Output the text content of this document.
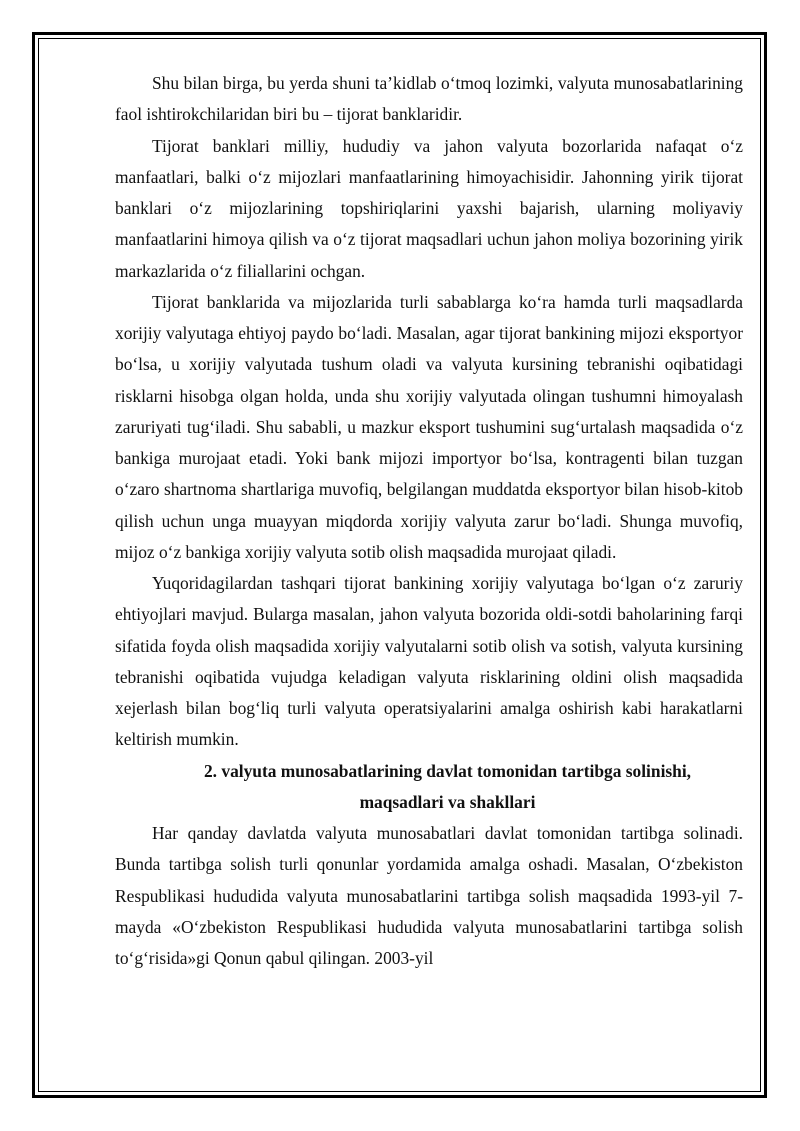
Shu bilan birga, bu yerda shuni ta’kidlab o‘tmoq lozimki, valyuta munosabatlarining faol ishtirokchilaridan biri bu – tijorat banklaridir.

Tijorat banklari milliy, hududiy va jahon valyuta bozorlarida nafaqat o‘z manfaatlari, balki o‘z mijozlari manfaatlarining himoyachisidir. Jahonning yirik tijorat banklari o‘z mijozlarining topshiriqlarini yaxshi bajarish, ularning moliyaviy manfaatlarini himoya qilish va o‘z tijorat maqsadlari uchun jahon moliya bozorining yirik markazlarida o‘z filiallarini ochgan.

Tijorat banklarida va mijozlarida turli sabablarga ko‘ra hamda turli maqsadlarda xorijiy valyutaga ehtiyoj paydo bo‘ladi. Masalan, agar tijorat bankining mijozi eksportyor bo‘lsa, u xorijiy valyutada tushum oladi va valyuta kursining tebranishi oqibatidagi risklarni hisobga olgan holda, unda shu xorijiy valyutada olingan tushumni himoyalash zaruriyati tug‘iladi. Shu sababli, u mazkur eksport tushumini sug‘urtalash maqsadida o‘z bankiga murojaat etadi. Yoki bank mijozi importyor bo‘lsa, kontragenti bilan tuzgan o‘zaro shartnoma shartlariga muvofiq, belgilangan muddatda eksportyor bilan hisob-kitob qilish uchun unga muayyan miqdorda xorijiy valyuta zarur bo‘ladi. Shunga muvofiq, mijoz o‘z bankiga xorijiy valyuta sotib olish maqsadida murojaat qiladi.

Yuqoridagilardan tashqari tijorat bankining xorijiy valyutaga bo‘lgan o‘z zaruriy ehtiyojlari mavjud. Bularga masalan, jahon valyuta bozorida oldi-sotdi baholarining farqi sifatida foyda olish maqsadida xorijiy valyutalarni sotib olish va sotish, valyuta kursining tebranishi oqibatida vujudga keladigan valyuta risklarining oldini olish maqsadida xejerlash bilan bog‘liq turli valyuta operatsiyalarini amalga oshirish kabi harakatlarni keltirish mumkin.

2. valyuta munosabatlarining davlat tomonidan tartibga solinishi,
maqsadlari va shakllari

Har qanday davlatda valyuta munosabatlari davlat tomonidan tartibga solinadi. Bunda tartibga solish turli qonunlar yordamida amalga oshadi. Masalan, O‘zbekiston Respublikasi hududida valyuta munosabatlarini tartibga solish maqsadida 1993-yil 7-mayda «O‘zbekiston Respublikasi hududida valyuta munosabatlarini tartibga solish to‘g‘risida»gi Qonun qabul qilingan. 2003-yil
